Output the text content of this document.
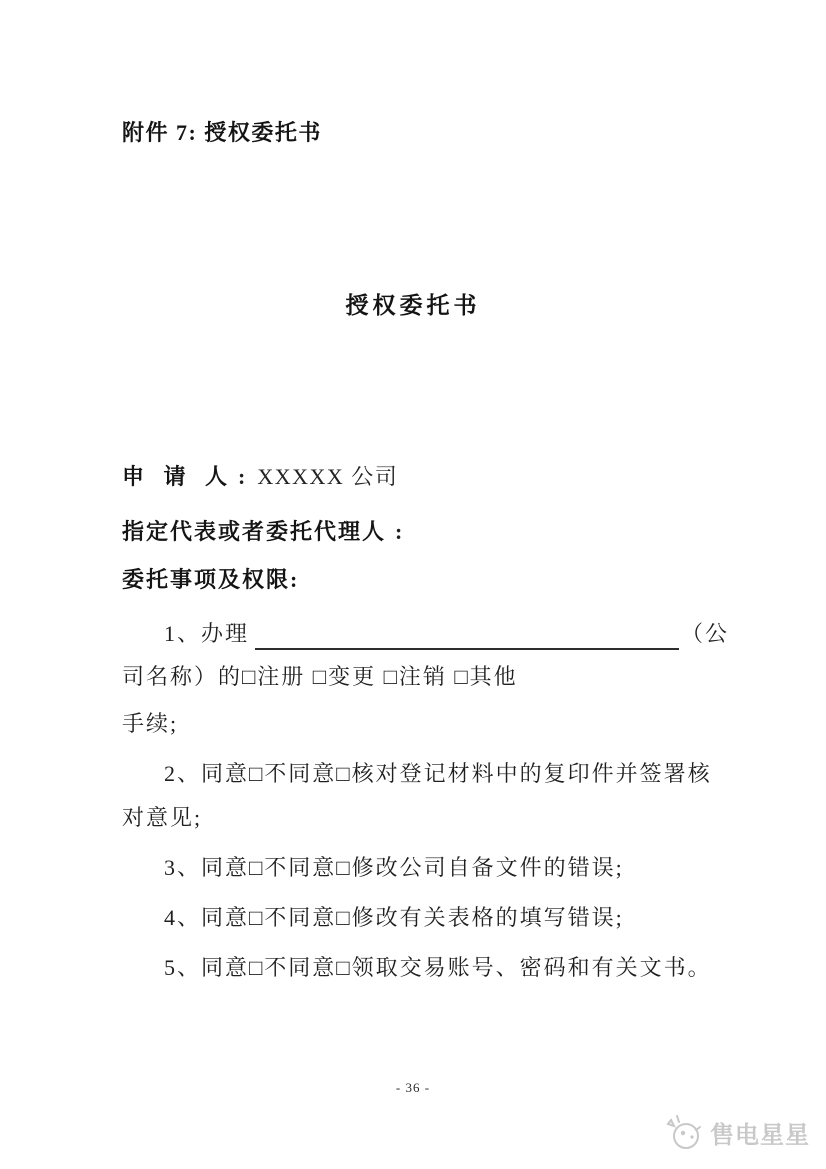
附件 7: 授权委托书
授权委托书
申 请 人 : XXXXX 公司
指定代表或者委托代理人 :
委托事项及权限:
1、办理	（公
司名称）的□注册 □变更 □注销 □其他
手续;
2、同意□不同意□核对登记材料中的复印件并签署核
对意见;
3、同意□不同意□修改公司自备文件的错误;
4、同意□不同意□修改有关表格的填写错误;
5、同意□不同意□领取交易账号、密码和有关文书。
- 36 -
售电星星
